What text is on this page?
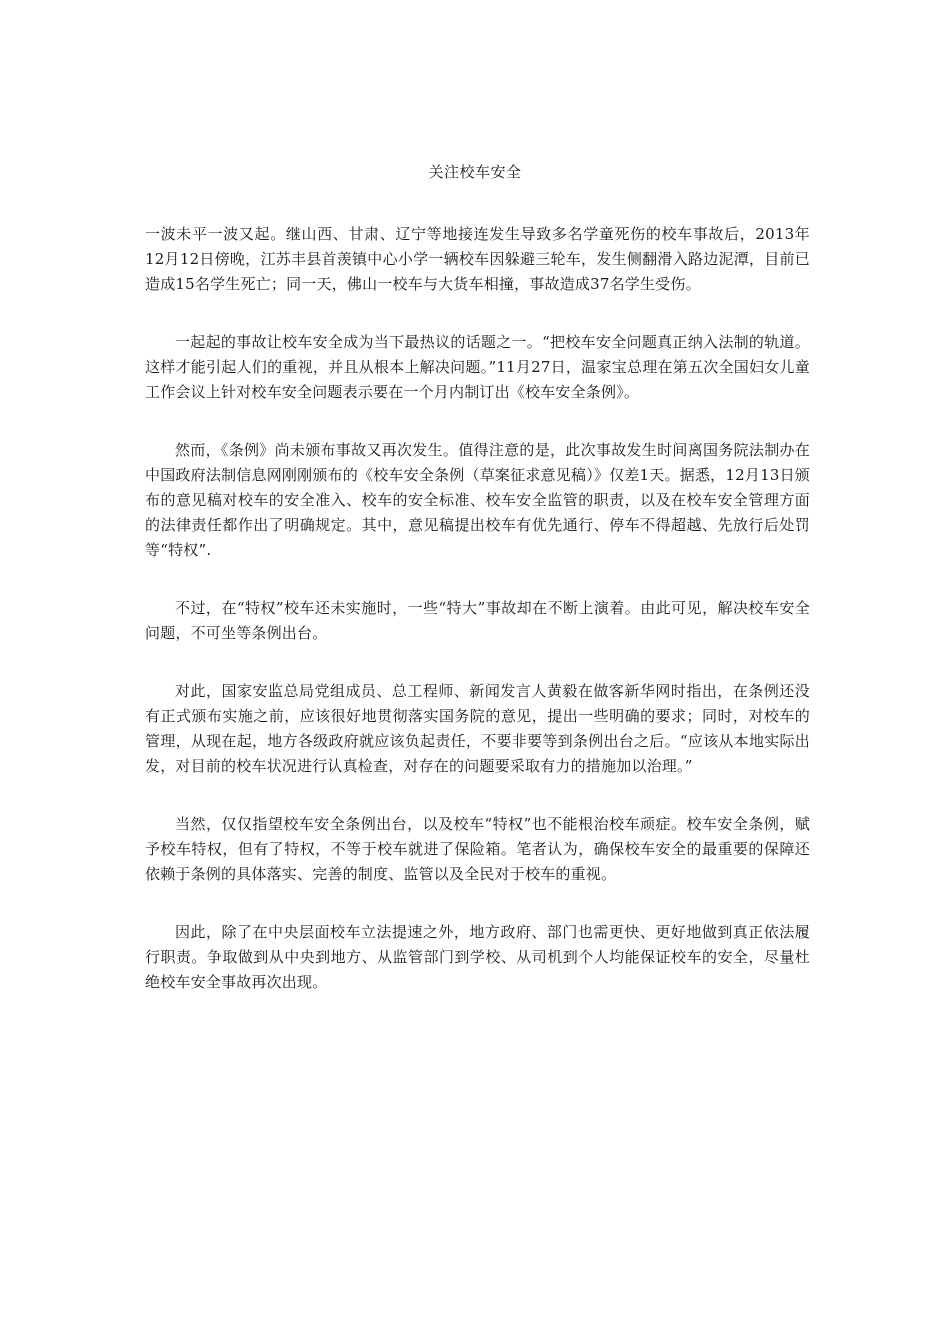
关注校车安全

一波未平一波又起。继山西、甘肃、辽宁等地接连发生导致多名学童死伤的校车事故后，2013年12月12日傍晚，江苏丰县首羡镇中心小学一辆校车因躲避三轮车，发生侧翻滑入路边泥潭，目前已造成15名学生死亡；同一天，佛山一校车与大货车相撞，事故造成37名学生受伤。

一起起的事故让校车安全成为当下最热议的话题之一。“把校车安全问题真正纳入法制的轨道。这样才能引起人们的重视，并且从根本上解决问题。”11月27日，温家宝总理在第五次全国妇女儿童工作会议上针对校车安全问题表示要在一个月内制订出《校车安全条例》。

然而，《条例》尚未颁布事故又再次发生。值得注意的是，此次事故发生时间离国务院法制办在中国政府法制信息网刚刚颁布的《校车安全条例（草案征求意见稿）》仅差1天。据悉，12月13日颁布的意见稿对校车的安全准入、校车的安全标准、校车安全监管的职责，以及在校车安全管理方面的法律责任都作出了明确规定。其中，意见稿提出校车有优先通行、停车不得超越、先放行后处罚等“特权”.

不过，在“特权”校车还未实施时，一些“特大”事故却在不断上演着。由此可见，解决校车安全问题，不可坐等条例出台。

对此，国家安监总局党组成员、总工程师、新闻发言人黄毅在做客新华网时指出，在条例还没有正式颁布实施之前，应该很好地贯彻落实国务院的意见，提出一些明确的要求；同时，对校车的管理，从现在起，地方各级政府就应该负起责任，不要非要等到条例出台之后。“应该从本地实际出发，对目前的校车状况进行认真检查，对存在的问题要采取有力的措施加以治理。”

当然，仅仅指望校车安全条例出台，以及校车“特权”也不能根治校车顽症。校车安全条例，赋予校车特权，但有了特权，不等于校车就进了保险箱。笔者认为，确保校车安全的最重要的保障还依赖于条例的具体落实、完善的制度、监管以及全民对于校车的重视。

因此，除了在中央层面校车立法提速之外，地方政府、部门也需更快、更好地做到真正依法履行职责。争取做到从中央到地方、从监管部门到学校、从司机到个人均能保证校车的安全，尽量杜绝校车安全事故再次出现。
